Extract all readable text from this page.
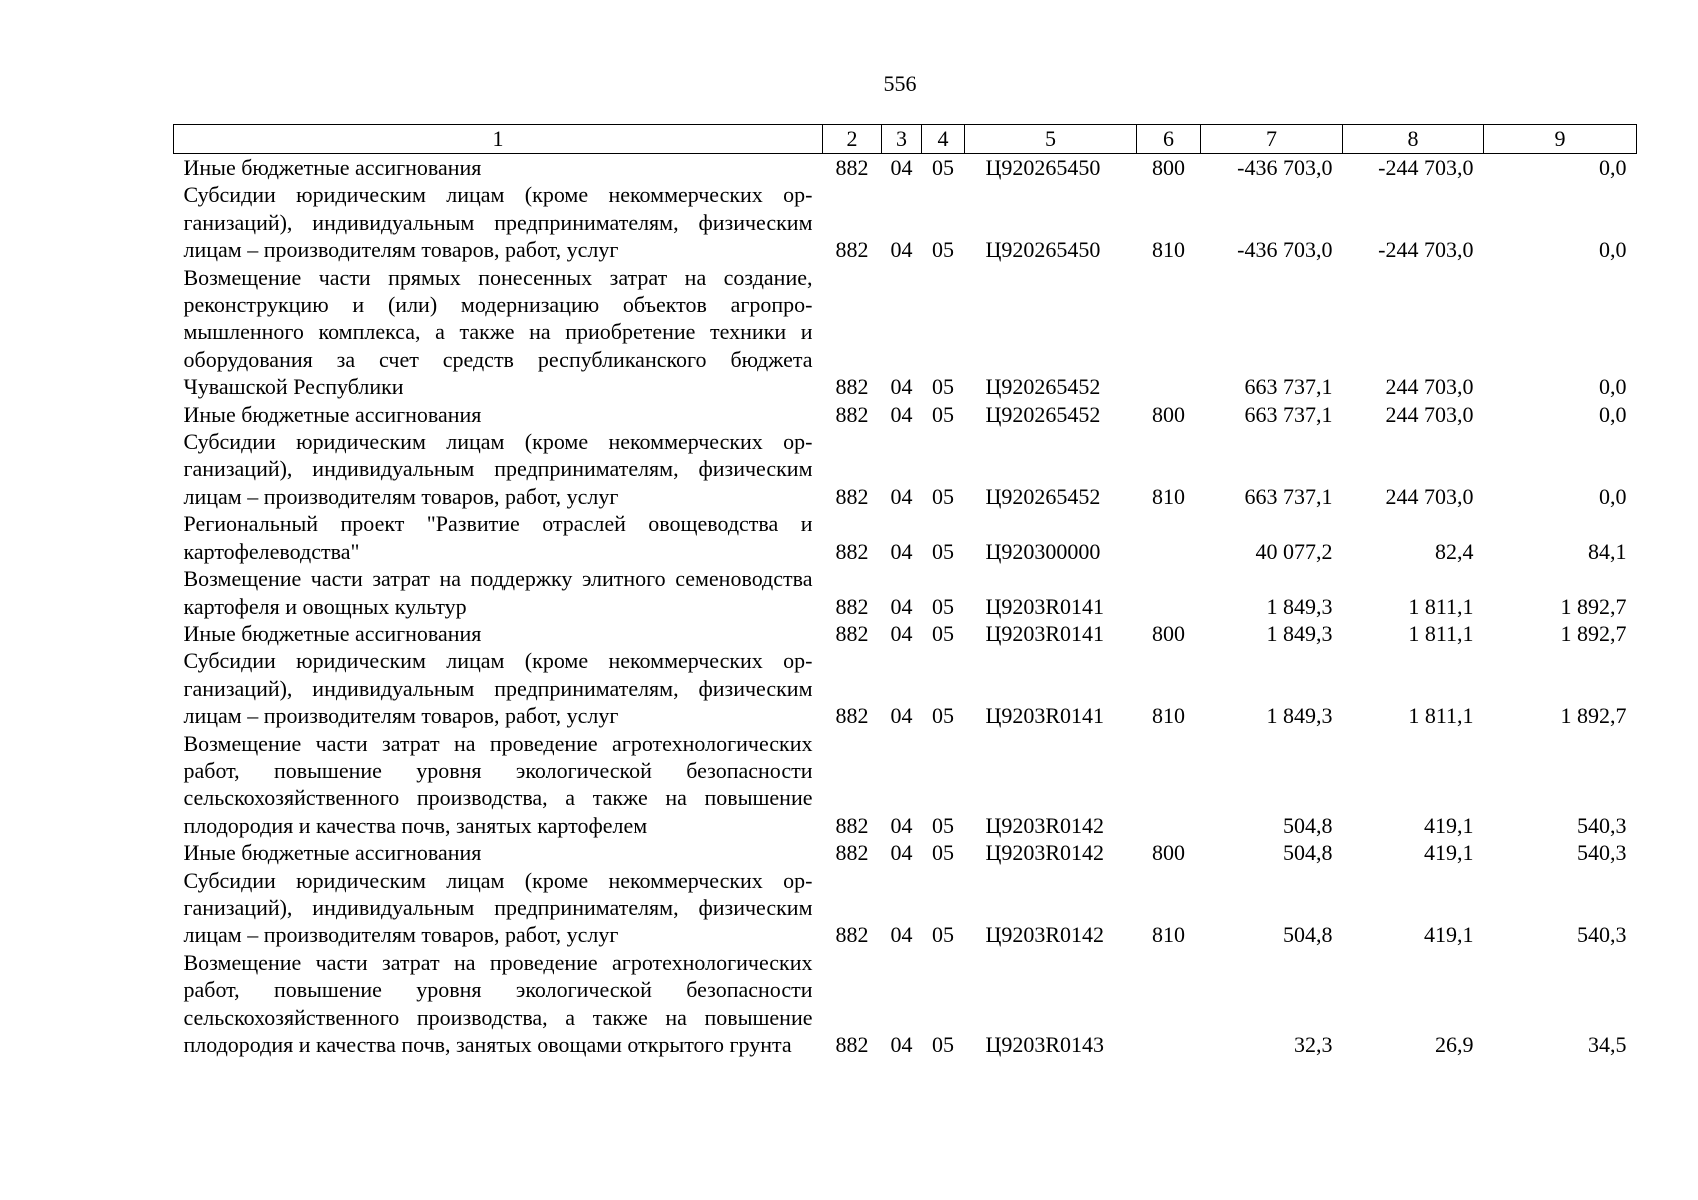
556
1	2	3	4	5	6	7	8	9
Иные бюджетные ассигнования	882	04	05	Ц920265450	800	-436 703,0	-244 703,0	0,0
Субсидии юридическим лицам (кроме некоммерческих организаций), индивидуальным предпринимателям, физическим лицам – производителям товаров, работ, услуг	882	04	05	Ц920265450	810	-436 703,0	-244 703,0	0,0
Возмещение части прямых понесенных затрат на создание, реконструкцию и (или) модернизацию объектов агропромышленного комплекса, а также на приобретение техники и оборудования за счет средств республиканского бюджета Чувашской Республики	882	04	05	Ц920265452		663 737,1	244 703,0	0,0
Иные бюджетные ассигнования	882	04	05	Ц920265452	800	663 737,1	244 703,0	0,0
Субсидии юридическим лицам (кроме некоммерческих организаций), индивидуальным предпринимателям, физическим лицам – производителям товаров, работ, услуг	882	04	05	Ц920265452	810	663 737,1	244 703,0	0,0
Региональный проект "Развитие отраслей овощеводства и картофелеводства"	882	04	05	Ц920300000		40 077,2	82,4	84,1
Возмещение части затрат на поддержку элитного семеноводства картофеля и овощных культур	882	04	05	Ц9203R0141		1 849,3	1 811,1	1 892,7
Иные бюджетные ассигнования	882	04	05	Ц9203R0141	800	1 849,3	1 811,1	1 892,7
Субсидии юридическим лицам (кроме некоммерческих организаций), индивидуальным предпринимателям, физическим лицам – производителям товаров, работ, услуг	882	04	05	Ц9203R0141	810	1 849,3	1 811,1	1 892,7
Возмещение части затрат на проведение агротехнологических работ, повышение уровня экологической безопасности сельскохозяйственного производства, а также на повышение плодородия и качества почв, занятых картофелем	882	04	05	Ц9203R0142		504,8	419,1	540,3
Иные бюджетные ассигнования	882	04	05	Ц9203R0142	800	504,8	419,1	540,3
Субсидии юридическим лицам (кроме некоммерческих организаций), индивидуальным предпринимателям, физическим лицам – производителям товаров, работ, услуг	882	04	05	Ц9203R0142	810	504,8	419,1	540,3
Возмещение части затрат на проведение агротехнологических работ, повышение уровня экологической безопасности сельскохозяйственного производства, а также на повышение плодородия и качества почв, занятых овощами открытого грунта	882	04	05	Ц9203R0143		32,3	26,9	34,5
